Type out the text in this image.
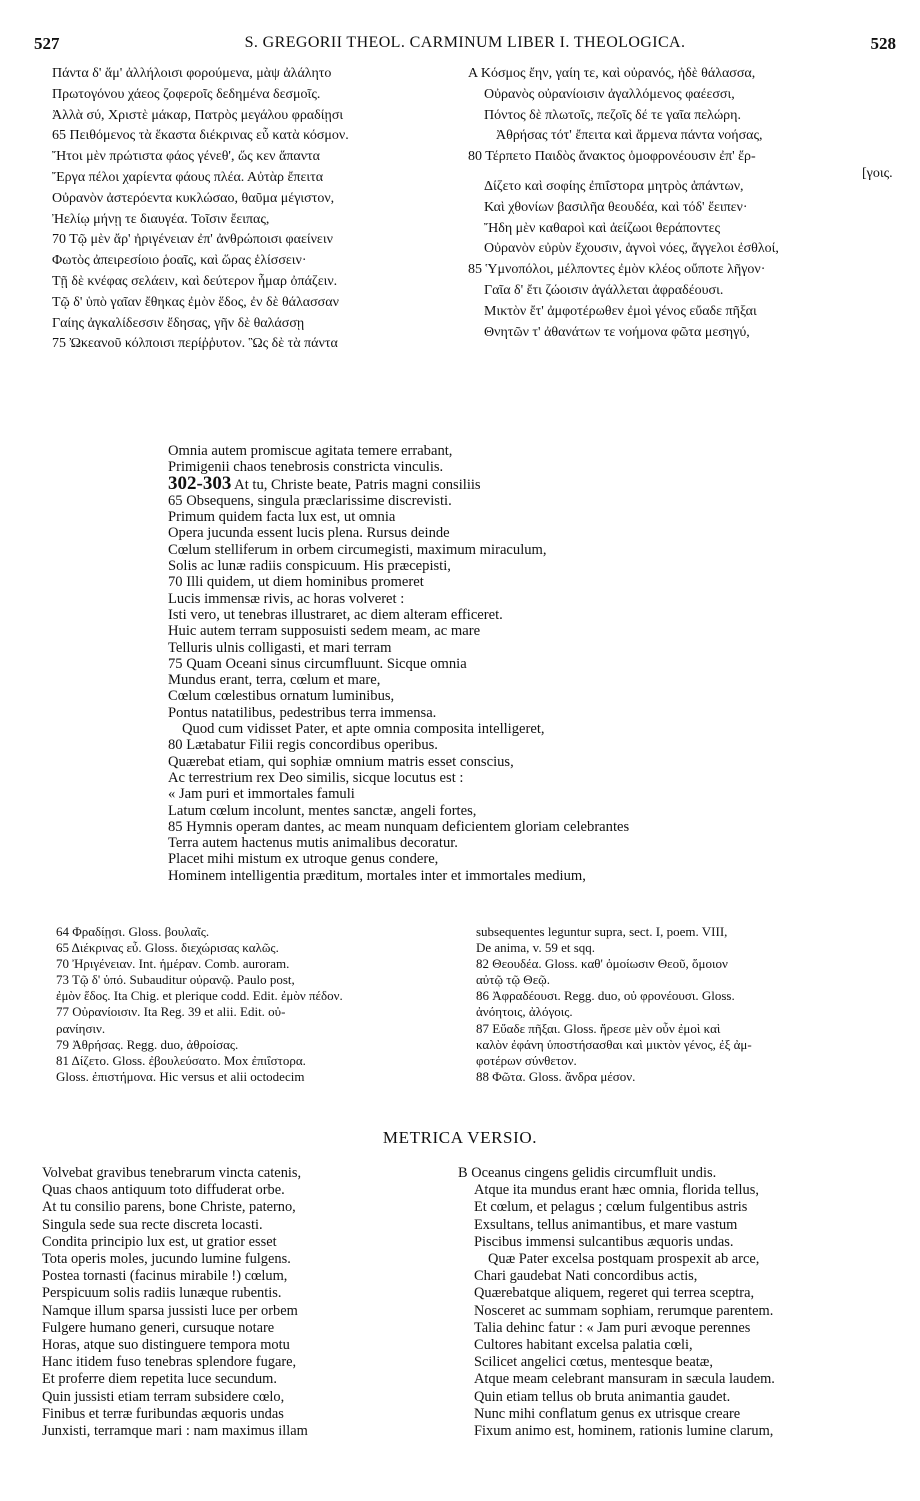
527	S. GREGORII THEOL. CARMINUM LIBER I. THEOLOGICA.	528
Πάντα δ' ἅμ' ἀλλήλοισι φορούμενα, μὰψ ἀλάλητο
Πρωτογόνου χάεος ζοφεροῖς δεδημένα δεσμοῖς.
Ἀλλὰ σύ, Χριστὲ μάκαρ, Πατρὸς μεγάλου φραδίῃσι
65 Πειθόμενος τὰ ἕκαστα διέκρινας εὖ κατὰ κόσμον.
Ἤτοι μὲν πρώτιστα φάος γένεθ', ὥς κεν ἅπαντα
Ἔργα πέλοι χαρίεντα φάους πλέα. Αὐτὰρ ἔπειτα
Οὐρανὸν ἀστερόεντα κυκλώσαο, θαῦμα μέγιστον,
Ἠελίῳ μήνῃ τε διαυγέα. Τοῖσιν ἔειπας,
70 Τῷ μὲν ἄρ' ἠριγένειαν ἐπ' ἀνθρώποισι φαείνειν
Φωτὸς ἀπειρεσίοιο ῥοαῖς, καὶ ὥρας ἑλίσσειν·
Τῇ δὲ κνέφας σελάειν, καὶ δεύτερον ἦμαρ ὀπάζειν.
Τῷ δ' ὑπὸ γαῖαν ἔθηκας ἐμὸν ἕδος, ἐν δὲ θάλασσαν
Γαίης ἀγκαλίδεσσιν ἔδησας, γῆν δὲ θαλάσσῃ
75 Ὠκεανοῦ κόλποισι περίῤῥυτον. Ὣς δὲ τὰ πάντα
A Κόσμος ἔην, γαίη τε, καὶ οὐρανός, ἠδὲ θάλασσα,
Οὐρανὸς οὐρανίοισιν ἀγαλλόμενος φαέεσσι,
Πόντος δὲ πλωτοῖς, πεζοῖς δέ τε γαῖα πελώρη.
Ἀθρήσας τότ' ἔπειτα καὶ ἄρμενα πάντα νοήσας,
80 Τέρπετο Παιδὸς ἄνακτος ὁμοφρονέουσιν ἐπ' ἔρ-
[γοις.
Δίζετο καὶ σοφίης ἐπιΐστορα μητρὸς ἁπάντων,
Καὶ χθονίων βασιλῆα θεουδέα, καὶ τόδ' ἔειπεν·
Ἤδη μὲν καθαροὶ καὶ ἀείζωοι θεράποντες
Οὐρανὸν εὐρὺν ἔχουσιν, ἁγνοὶ νόες, ἄγγελοι ἐσθλοί,
85 Ὑμνοπόλοι, μέλποντες ἐμὸν κλέος οὔποτε λῆγον·
Γαῖα δ' ἔτι ζώοισιν ἀγάλλεται ἀφραδέουσι.
Μικτὸν ἔτ' ἀμφοτέρωθεν ἐμοὶ γένος εὔαδε πῆξαι
Θνητῶν τ' ἀθανάτων τε νοήμονα φῶτα μεσηγύ,
Omnia autem promiscue agitata temere errabant,
Primigenii chaos tenebrosis constricta vinculis.
302-303 At tu, Christe beate, Patris magni consiliis
65 Obsequens, singula præclarissime discrevisti.
Primum quidem facta lux est, ut omnia
Opera jucunda essent lucis plena. Rursus deinde
Cœlum stelliferum in orbem circumegisti, maximum miraculum,
Solis ac lunæ radiis conspicuum. His præcepisti,
70 Illi quidem, ut diem hominibus promeret
Lucis immensæ rivis, ac horas volveret :
Isti vero, ut tenebras illustraret, ac diem alteram efficeret.
Huic autem terram supposuisti sedem meam, ac mare
Telluris ulnis colligasti, et mari terram
75 Quam Oceani sinus circumfluunt. Sicque omnia
Mundus erant, terra, cœlum et mare,
Cœlum cœlestibus ornatum luminibus,
Pontus natatilibus, pedestribus terra immensa.
Quod cum vidisset Pater, et apte omnia composita intelligeret,
80 Lætabatur Filii regis concordibus operibus.
Quærebat etiam, qui sophiæ omnium matris esset conscius,
Ac terrestrium rex Deo similis, sicque locutus est :
« Jam puri et immortales famuli
Latum cœlum incolunt, mentes sanctæ, angeli fortes,
85 Hymnis operam dantes, ac meam nunquam deficientem gloriam celebrantes
Terra autem hactenus mutis animalibus decoratur.
Placet mihi mistum ex utroque genus condere,
Hominem intelligentia præditum, mortales inter et immortales medium,
64 Φραδίῃσι. Gloss. βουλαῖς.
65 Διέκρινας εὖ. Gloss. διεχώρισας καλῶς.
70 Ἠριγένειαν. Int. ἡμέραν. Comb. auroram.
73 Τῷ δ' ὑπό. Subauditur οὐρανῷ. Paulo post,
ἐμὸν ἕδος. Ita Chig. et plerique codd. Edit. ἐμὸν πέδον.
77 Οὐρανίοισιν. Ita Reg. 39 et alii. Edit. οὐ-
ρανίησιν.
79 Ἀθρήσας. Regg. duo, ἀθροίσας.
81 Δίζετο. Gloss. ἐβουλεύσατο. Mox ἐπιΐστορα.
Gloss. ἐπιστήμονα. Hic versus et alii octodecim
subsequentes leguntur supra, sect. I, poem. VIII,
De anima, v. 59 et sqq.
82 Θεουδέα. Gloss. καθ' ὁμοίωσιν Θεοῦ, ὅμοιον
αὐτῷ τῷ Θεῷ.
86 Ἀφραδέουσι. Regg. duo, οὐ φρονέουσι. Gloss.
ἀνόητοις, ἀλόγοις.
87 Εὔαδε πῆξαι. Gloss. ἤρεσε μὲν οὖν ἐμοὶ καὶ
καλὸν ἐφάνη ὑποστήσασθαι καὶ μικτὸν γένος, ἐξ ἀμ-
φοτέρων σύνθετον.
88 Φῶτα. Gloss. ἄνδρα μέσον.
METRICA VERSIO.
Volvebat gravibus tenebrarum vincta catenis,
Quas chaos antiquum toto diffuderat orbe.
At tu consilio parens, bone Christe, paterno,
Singula sede sua recte discreta locasti.
Condita principio lux est, ut gratior esset
Tota operis moles, jucundo lumine fulgens.
Postea tornasti (facinus mirabile !) cœlum,
Perspicuum solis radiis lunæque rubentis.
Namque illum sparsa jussisti luce per orbem
Fulgere humano generi, cursuque notare
Horas, atque suo distinguere tempora motu
Hanc itidem fuso tenebras splendore fugare,
Et proferre diem repetita luce secundum.
Quin jussisti etiam terram subsidere cœlo,
Finibus et terræ furibundas æquoris undas
Junxisti, terramque mari : nam maximus illam
B Oceanus cingens gelidis circumfluit undis.
Atque ita mundus erant hæc omnia, florida tellus,
Et cœlum, et pelagus ; cœlum fulgentibus astris
Exsultans, tellus animantibus, et mare vastum
Piscibus immensi sulcantibus æquoris undas.
Quæ Pater excelsa postquam prospexit ab arce,
Chari gaudebat Nati concordibus actis,
Quærebatque aliquem, regeret qui terrea sceptra,
Nosceret ac summam sophiam, rerumque parentem.
Talia dehinc fatur : « Jam puri ævoque perennes
Cultores habitant excelsa palatia cœli,
Scilicet angelici cœtus, mentesque beatæ,
Atque meam celebrant mansuram in sæcula laudem.
Quin etiam tellus ob bruta animantia gaudet.
Nunc mihi conflatum genus ex utrisque creare
Fixum animo est, hominem, rationis lumine clarum,
